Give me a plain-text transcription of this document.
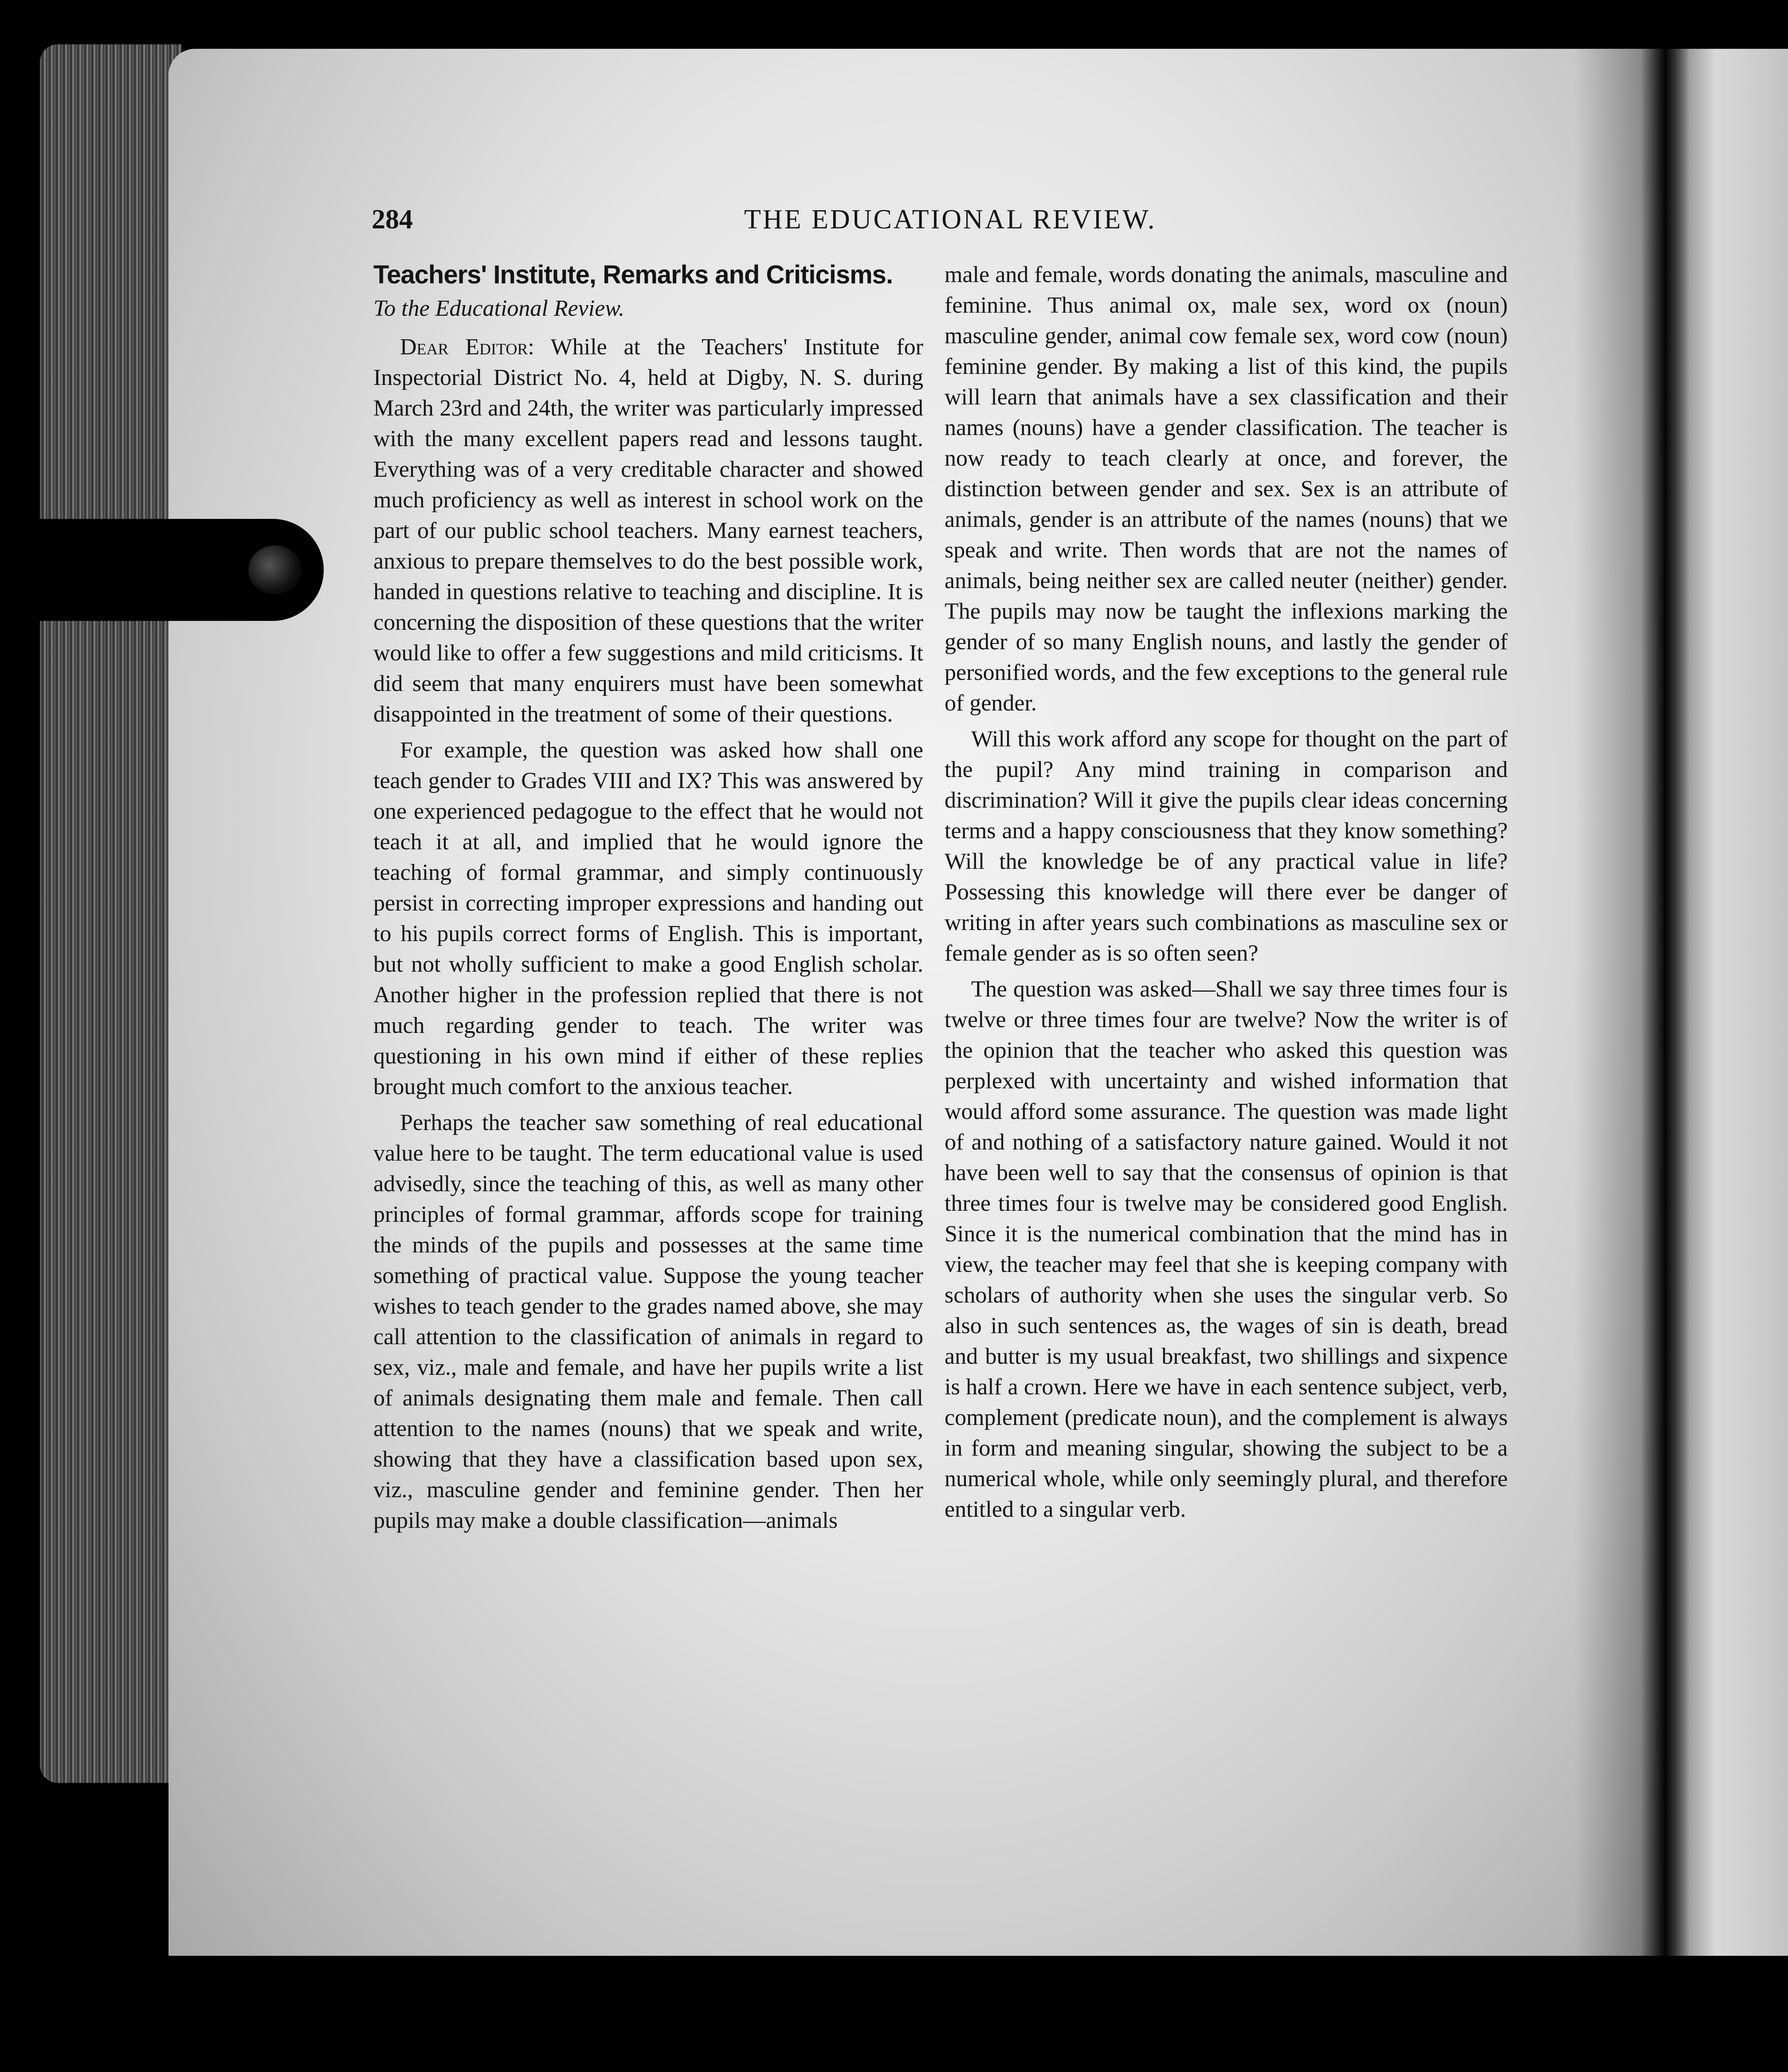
284	THE EDUCATIONAL REVIEW.
Teachers' Institute, Remarks and Criticisms.
To the Educational Review.

Dear Editor: While at the Teachers' Institute for Inspectorial District No. 4, held at Digby, N. S. during March 23rd and 24th, the writer was particularly impressed with the many excellent papers read and lessons taught. Everything was of a very creditable character and showed much proficiency as well as interest in school work on the part of our public school teachers. Many earnest teachers, anxious to prepare themselves to do the best possible work, handed in questions relative to teaching and discipline. It is concerning the disposition of these questions that the writer would like to offer a few suggestions and mild criticisms. It did seem that many enquirers must have been somewhat disappointed in the treatment of some of their questions.

For example, the question was asked how shall one teach gender to Grades VIII and IX? This was answered by one experienced pedagogue to the effect that he would not teach it at all, and implied that he would ignore the teaching of formal grammar, and simply continuously persist in correcting improper expressions and handing out to his pupils correct forms of English. This is important, but not wholly sufficient to make a good English scholar. Another higher in the profession replied that there is not much regarding gender to teach. The writer was questioning in his own mind if either of these replies brought much comfort to the anxious teacher.

Perhaps the teacher saw something of real educational value here to be taught. The term educational value is used advisedly, since the teaching of this, as well as many other principles of formal grammar, affords scope for training the minds of the pupils and possesses at the same time something of practical value. Suppose the young teacher wishes to teach gender to the grades named above, she may call attention to the classification of animals in regard to sex, viz., male and female, and have her pupils write a list of animals designating them male and female. Then call attention to the names (nouns) that we speak and write, showing that they have a classification based upon sex, viz., masculine gender and feminine gender. Then her pupils may make a double classification—animals

male and female, words donating the animals, masculine and feminine. Thus animal ox, male sex, word ox (noun) masculine gender, animal cow female sex, word cow (noun) feminine gender. By making a list of this kind, the pupils will learn that animals have a sex classification and their names (nouns) have a gender classification. The teacher is now ready to teach clearly at once, and forever, the distinction between gender and sex. Sex is an attribute of animals, gender is an attribute of the names (nouns) that we speak and write. Then words that are not the names of animals, being neither sex are called neuter (neither) gender. The pupils may now be taught the inflexions marking the gender of so many English nouns, and lastly the gender of personified words, and the few exceptions to the general rule of gender.

Will this work afford any scope for thought on the part of the pupil? Any mind training in comparison and discrimination? Will it give the pupils clear ideas concerning terms and a happy consciousness that they know something? Will the knowledge be of any practical value in life? Possessing this knowledge will there ever be danger of writing in after years such combinations as masculine sex or female gender as is so often seen?

The question was asked—Shall we say three times four is twelve or three times four are twelve? Now the writer is of the opinion that the teacher who asked this question was perplexed with uncertainty and wished information that would afford some assurance. The question was made light of and nothing of a satisfactory nature gained. Would it not have been well to say that the consensus of opinion is that three times four is twelve may be considered good English. Since it is the numerical combination that the mind has in view, the teacher may feel that she is keeping company with scholars of authority when she uses the singular verb. So also in such sentences as, the wages of sin is death, bread and butter is my usual breakfast, two shillings and sixpence is half a crown. Here we have in each sentence subject, verb, complement (predicate noun), and the complement is always in form and meaning singular, showing the subject to be a numerical whole, while only seemingly plural, and therefore entitled to a singular verb.
